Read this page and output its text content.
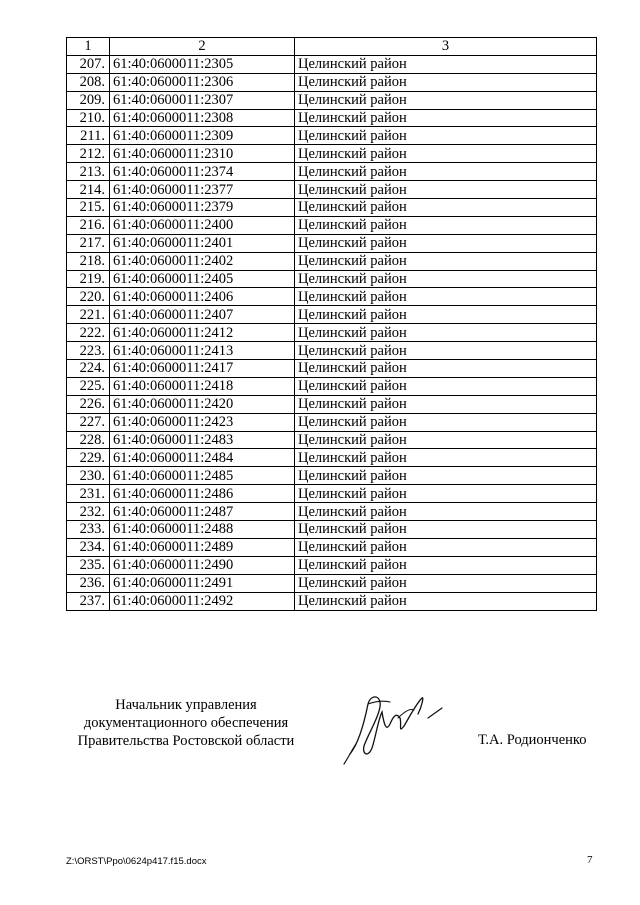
1	2	3
207.	61:40:0600011:2305	Целинский район
208.	61:40:0600011:2306	Целинский район
209.	61:40:0600011:2307	Целинский район
210.	61:40:0600011:2308	Целинский район
211.	61:40:0600011:2309	Целинский район
212.	61:40:0600011:2310	Целинский район
213.	61:40:0600011:2374	Целинский район
214.	61:40:0600011:2377	Целинский район
215.	61:40:0600011:2379	Целинский район
216.	61:40:0600011:2400	Целинский район
217.	61:40:0600011:2401	Целинский район
218.	61:40:0600011:2402	Целинский район
219.	61:40:0600011:2405	Целинский район
220.	61:40:0600011:2406	Целинский район
221.	61:40:0600011:2407	Целинский район
222.	61:40:0600011:2412	Целинский район
223.	61:40:0600011:2413	Целинский район
224.	61:40:0600011:2417	Целинский район
225.	61:40:0600011:2418	Целинский район
226.	61:40:0600011:2420	Целинский район
227.	61:40:0600011:2423	Целинский район
228.	61:40:0600011:2483	Целинский район
229.	61:40:0600011:2484	Целинский район
230.	61:40:0600011:2485	Целинский район
231.	61:40:0600011:2486	Целинский район
232.	61:40:0600011:2487	Целинский район
233.	61:40:0600011:2488	Целинский район
234.	61:40:0600011:2489	Целинский район
235.	61:40:0600011:2490	Целинский район
236.	61:40:0600011:2491	Целинский район
237.	61:40:0600011:2492	Целинский район
Начальник управления
документационного обеспечения
Правительства Ростовской области	Т.А. Родионченко
Z:\ORST\Ppo\0624p417.f15.docx	7
